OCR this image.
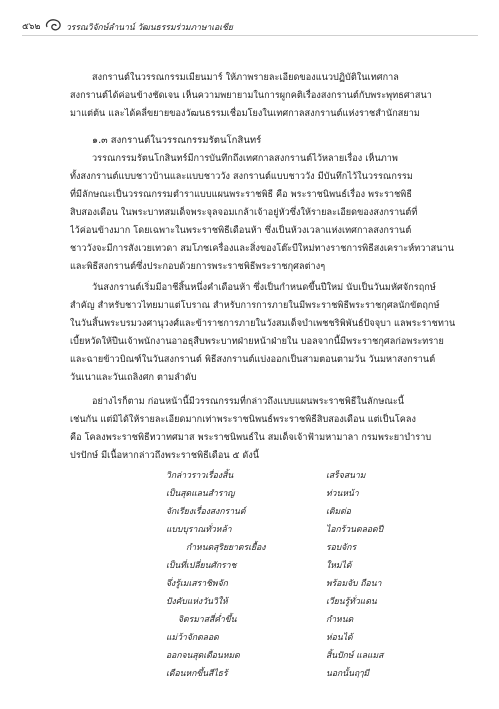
๕๖๒	วรรณวิจักษ์ลำนาน์ วัฒนธรรมร่วมภาษาเอเชีย
สงกรานต์ในวรรณกรรมเมียนมาร์ ให้ภาพรายละเอียดของแนวปฏิบัติในเทศกาล
สงกรานต์ได้ค่อนข้างชัดเจน เห็นความพยายามในการผูกคติเรื่องสงกรานต์กับพระพุทธศาสนา
มาแต่ต้น และได้คลี่ขยายของวัฒนธรรมเชื่อมโยงในเทศกาลสงกรานต์แห่งราชสำนักสยาม
๑.๓ สงกรานต์ในวรรณกรรมรัตนโกสินทร์
วรรณกรรมรัตนโกสินทร์มีการบันทึกถึงเทศกาลสงกรานต์ไว้หลายเรื่อง เห็นภาพ
ทั้งสงกรานต์แบบชาวบ้านและแบบชาววัง สงกรานต์แบบชาววัง มีบันทึกไว้ในวรรณกรรม
ที่มีลักษณะเป็นวรรณกรรมตำราแบบแผนพระราชพิธี คือ พระราชนิพนธ์เรื่อง พระราชพิธี
สิบสองเดือน ในพระบาทสมเด็จพระจุลจอมเกล้าเจ้าอยู่หัวซึ่งให้รายละเอียดของสงกรานต์ที่
ไว้ค่อนข้างมาก โดยเฉพาะในพระราชพิธีเดือนห้า ซึ่งเป็นห้วงเวลาแห่งเทศกาลสงกรานต์
ชาววังจะมีการสังเวยเทวดา สมโภชเครื่องและสิ่งของโต๊ะบีใหม่ทางราชการพิธีสงเคราะห์ทวาสนาน
และพิธีสงกรานต์ซึ่งประกอบด้วยการพระราชพิธีพระราชกุศลต่างๆ
วันสงกรานต์เริ่มมีอาชีสิ้นหนึ่งคำเดือนห้า ซึ่งเป็นกำหนดขึ้นปีใหม่ นับเป็นวันมหัศจักรฤกษ์
สำคัญ สำหรับชาวไทยมาแต่โบราณ สำหรับการการภายในมีพระราชพิธีพระราชกุศลนักขัตฤกษ์
ในวันสิ้นพระบรมวงศานุวงศ์และข้าราชการภายในวังสมเด็จบำเพชชริพิพันธ์ปัจจุบา แลพระราชทาน
เบี้ยหวัดให้ปีนเจ้าพนักงานอาอธุสืบพระบาทฝ่ายหน้าฝ่ายใน บอลจากนี้มีพระราชกุศลก่อพระทราย
และฉายข้าวบิณฑ์ในวันสงกรานต์ พิธีสงกรานต์แบ่งออกเป็นสามตอนตามวัน วันมหาสงกรานต์
วันเนาและวันเถลิงศก ตามลำดับ
อย่างไรก็ตาม ก่อนหน้านี้มีวรรณกรรมที่กล่าวถึงแบบแผนพระราชพิธีในลักษณะนี้
เช่นกัน แต่มิได้ให้รายละเอียดมากเท่าพระราชนิพนธ์พระราชพิธีสิบสองเดือน แต่เป็นโคลง
คือ โคลงพระราชพิธีทวาทศมาส พระราชนิพนธ์ใน สมเด็จเจ้าฟ้ามหามาลา กรมพระยาบำราบ
ปรปักษ์ มีเนื้อหากล่าวถึงพระราชพิธีเดือน ๕ ดังนี้
วิกล่าวราวเรื่องสิ้น	เสร็จสนาม
เป็นสุดแลนสำราญ	ท่วนหน้า
จักเรียงเรื่องสงกรานต์	เติมต่อ
แบบบุราณทั่วหล้า	ไอกร้วนตลอดปี
กำหนดสุริยยาตรเยื้อง	รอบจักร
เป็นที่เปลี่ยนศักราช	ใหม่ได้
จึ่งรู้เมเสราชิพจัก	พร้อมจับ ถือนา
ปังคับแห่งวันวิให้	เวียนรู้ทั่วแดน
จิตรมาสสี่ค่ำขึ้น	กำหนด
แม่ว้าจักตลอด	ห่อนได้
ออกจนสุดเดือนหมด	สิ้นปักษ์ แลแมส
เดือนหกขึ้นสีไธร้	นอกนั้นฤๅมี
